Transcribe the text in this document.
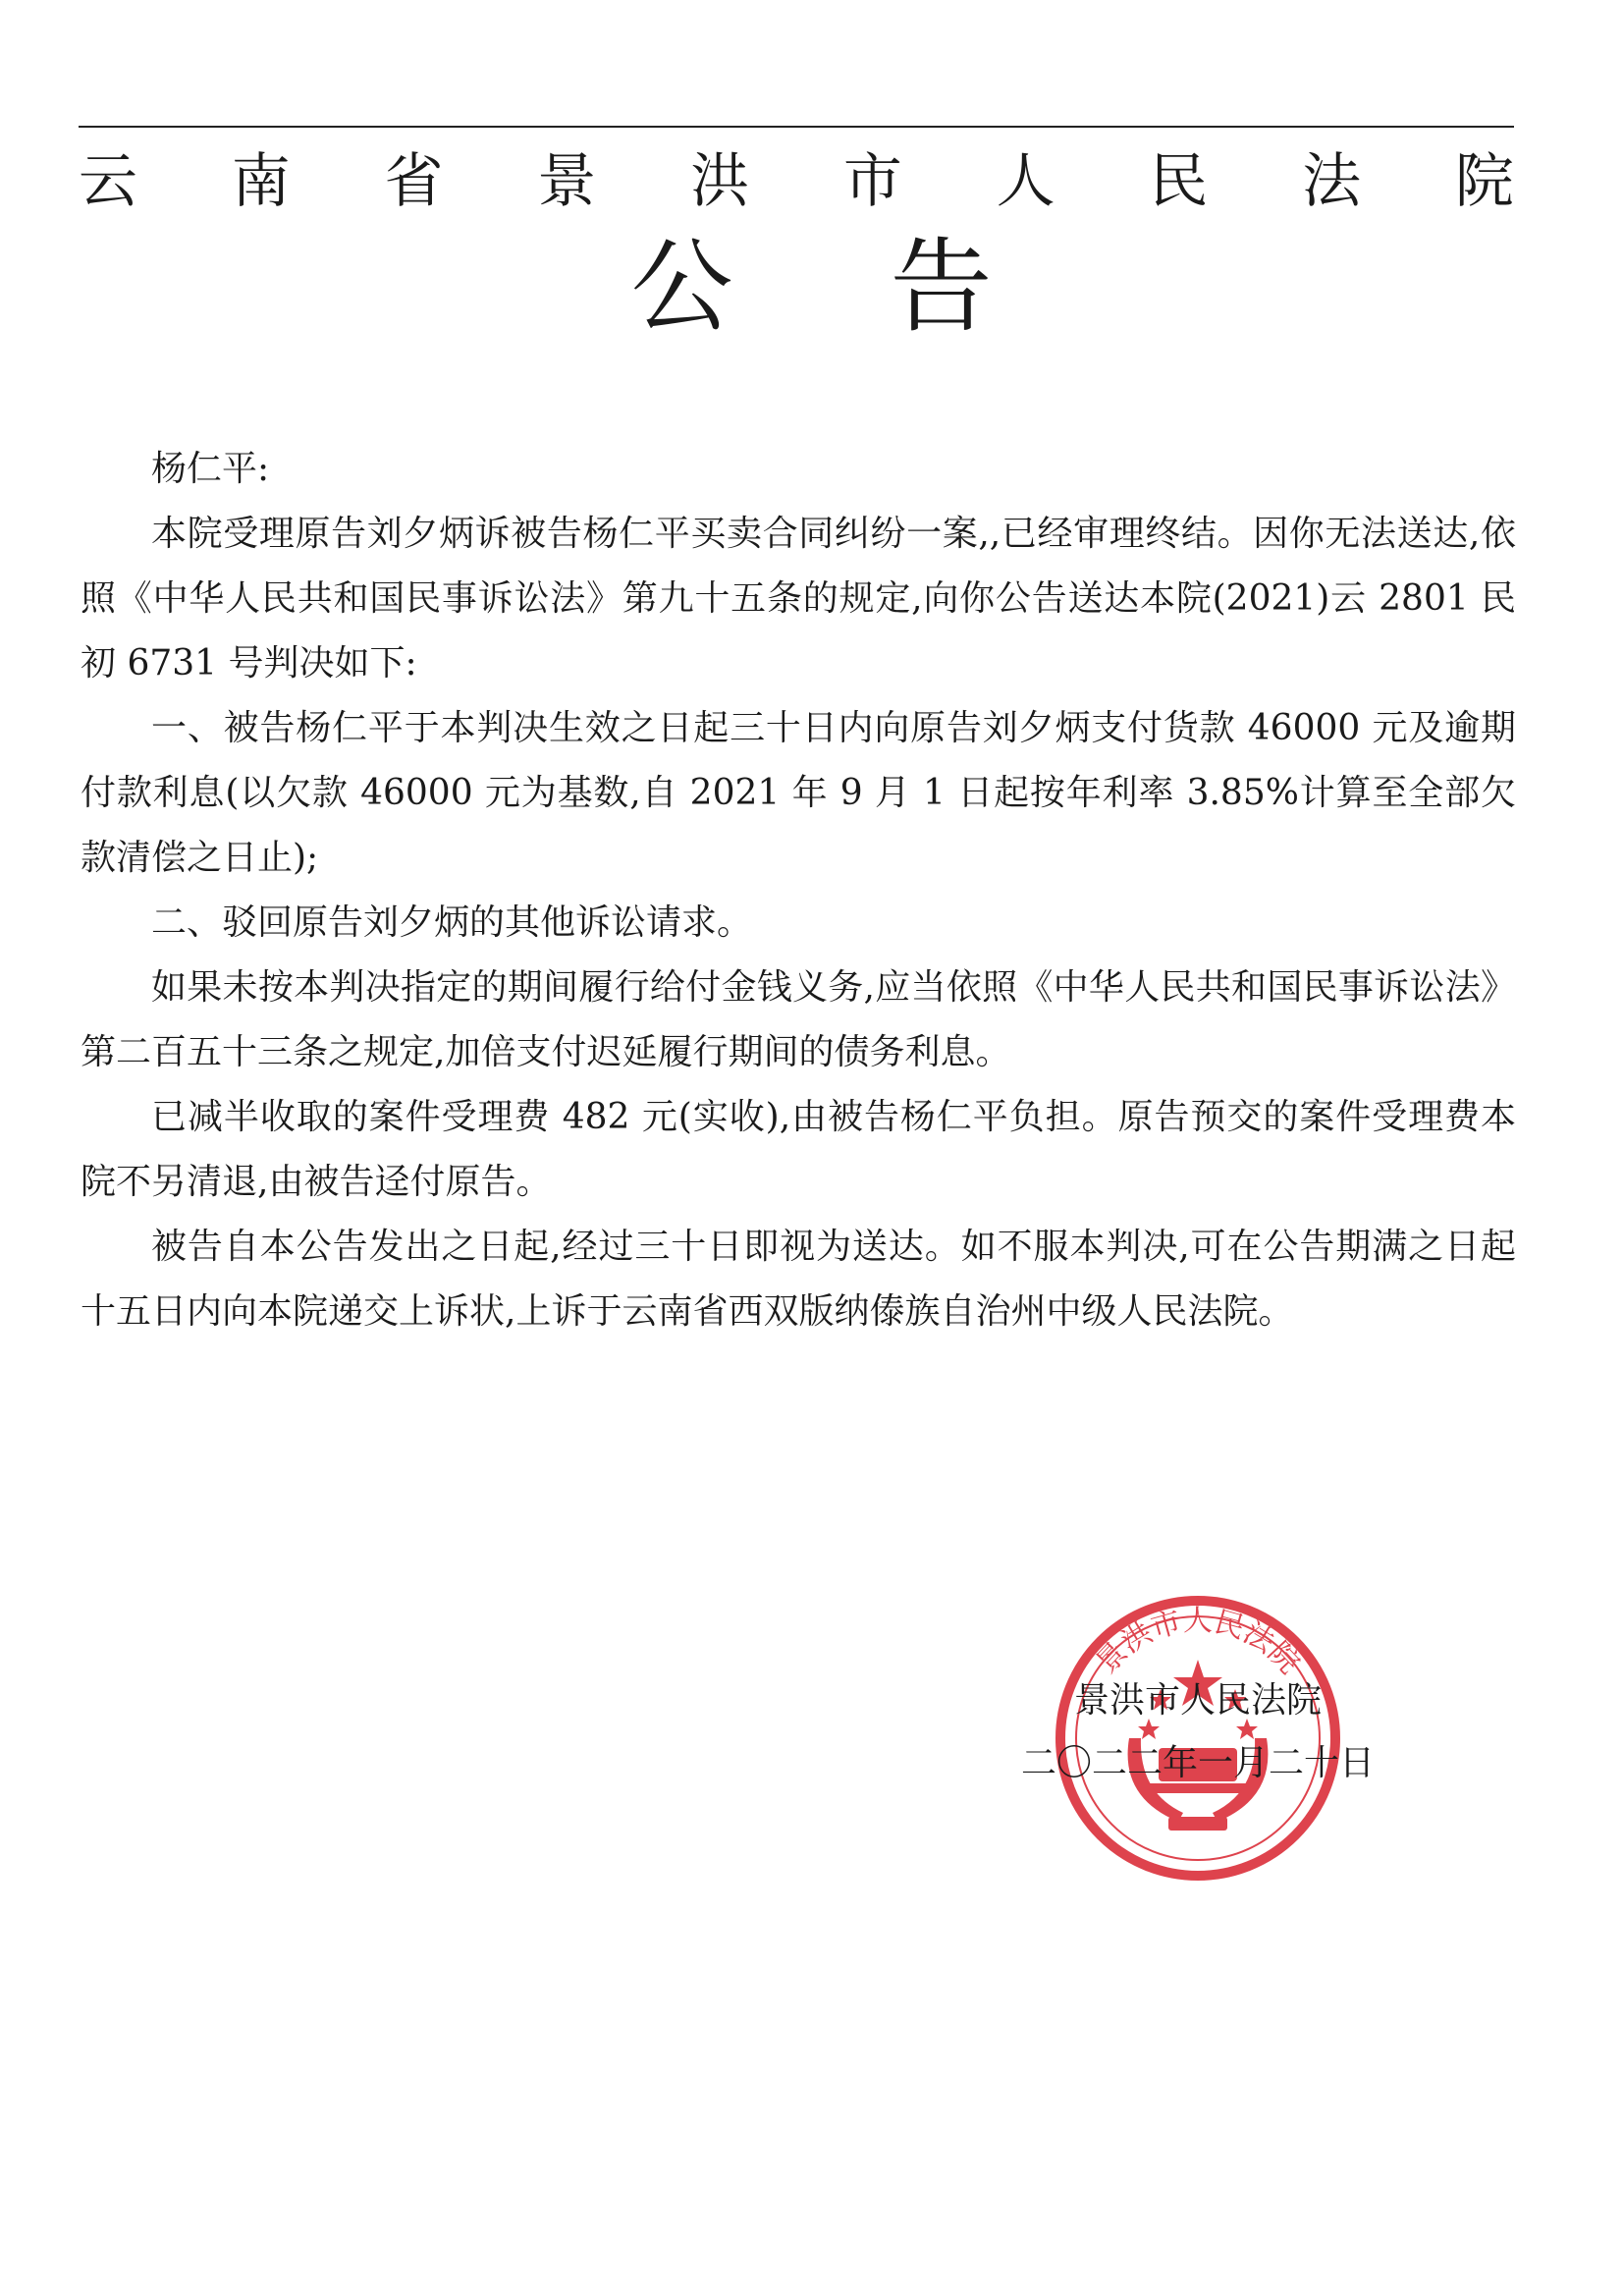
云 南 省 景 洪 市 人 民 法 院
公 告

杨仁平:

本院受理原告刘夕炳诉被告杨仁平买卖合同纠纷一案,,已经审理终结。因你无法送达,依照《中华人民共和国民事诉讼法》第九十五条的规定,向你公告送达本院(2021)云 2801 民初 6731 号判决如下:

一、被告杨仁平于本判决生效之日起三十日内向原告刘夕炳支付货款 46000 元及逾期付款利息(以欠款 46000 元为基数,自 2021 年 9 月 1 日起按年利率 3.85%计算至全部欠款清偿之日止);

二、驳回原告刘夕炳的其他诉讼请求。

如果未按本判决指定的期间履行给付金钱义务,应当依照《中华人民共和国民事诉讼法》第二百五十三条之规定,加倍支付迟延履行期间的债务利息。

已减半收取的案件受理费 482 元(实收),由被告杨仁平负担。原告预交的案件受理费本院不另清退,由被告迳付原告。

被告自本公告发出之日起,经过三十日即视为送达。如不服本判决,可在公告期满之日起十五日内向本院递交上诉状,上诉于云南省西双版纳傣族自治州中级人民法院。

景洪市人民法院
景洪市人民法院
二〇二二年一月二十日
